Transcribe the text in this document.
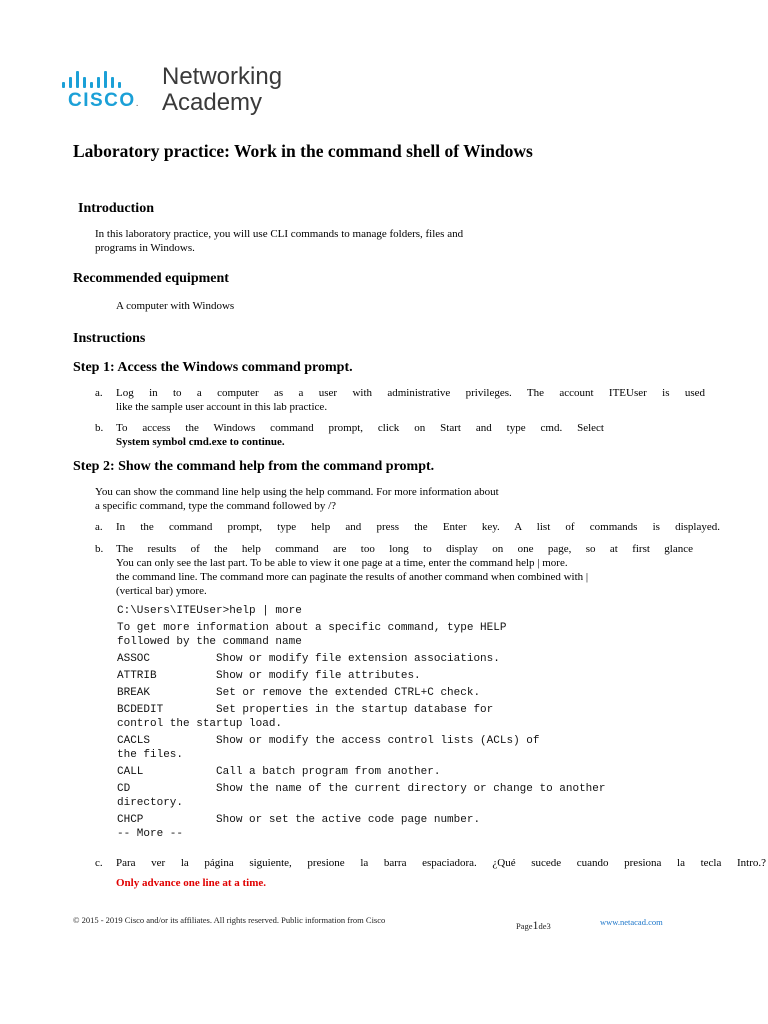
CISCO.
Networking
Academy
Laboratory practice: Work in the command shell of Windows
Introduction
In this laboratory practice, you will use CLI commands to manage folders, files and
programs in Windows.
Recommended equipment
A computer with Windows
Instructions
Step 1: Access the Windows command prompt.
a. Log in to a computer as a user with administrative privileges. The account ITEUser is used
like the sample user account in this lab practice.
b. To access the Windows command prompt, click on Start and type cmd. Select
System symbol cmd.exe to continue.
Step 2: Show the command help from the command prompt.
You can show the command line help using the help command. For more information about
a specific command, type the command followed by /?
a. In the command prompt, type help and press the Enter key. A list of commands is displayed.
b. The results of the help command are too long to display on one page, so at first glance
You can only see the last part. To be able to view it one page at a time, enter the command help | more.
the command line. The command more can paginate the results of another command when combined with |
(vertical bar) ymore.
C:\Users\ITEUser>help | more
To get more information about a specific command, type HELP
followed by the command name
ASSOC          Show or modify file extension associations.
ATTRIB         Show or modify file attributes.
BREAK          Set or remove the extended CTRL+C check.
BCDEDIT        Set properties in the startup database for
control the startup load.
CACLS          Show or modify the access control lists (ACLs) of
the files.
CALL           Call a batch program from another.
CD             Show the name of the current directory or change to another
directory.
CHCP           Show or set the active code page number.
-- More --
c. Para ver la página siguiente, presione la barra espaciadora. ¿Qué sucede cuando presiona la tecla Intro.?
Only advance one line at a time.
© 2015 - 2019 Cisco and/or its affiliates. All rights reserved. Public information from Cisco
Page1de3	www.netacad.com
